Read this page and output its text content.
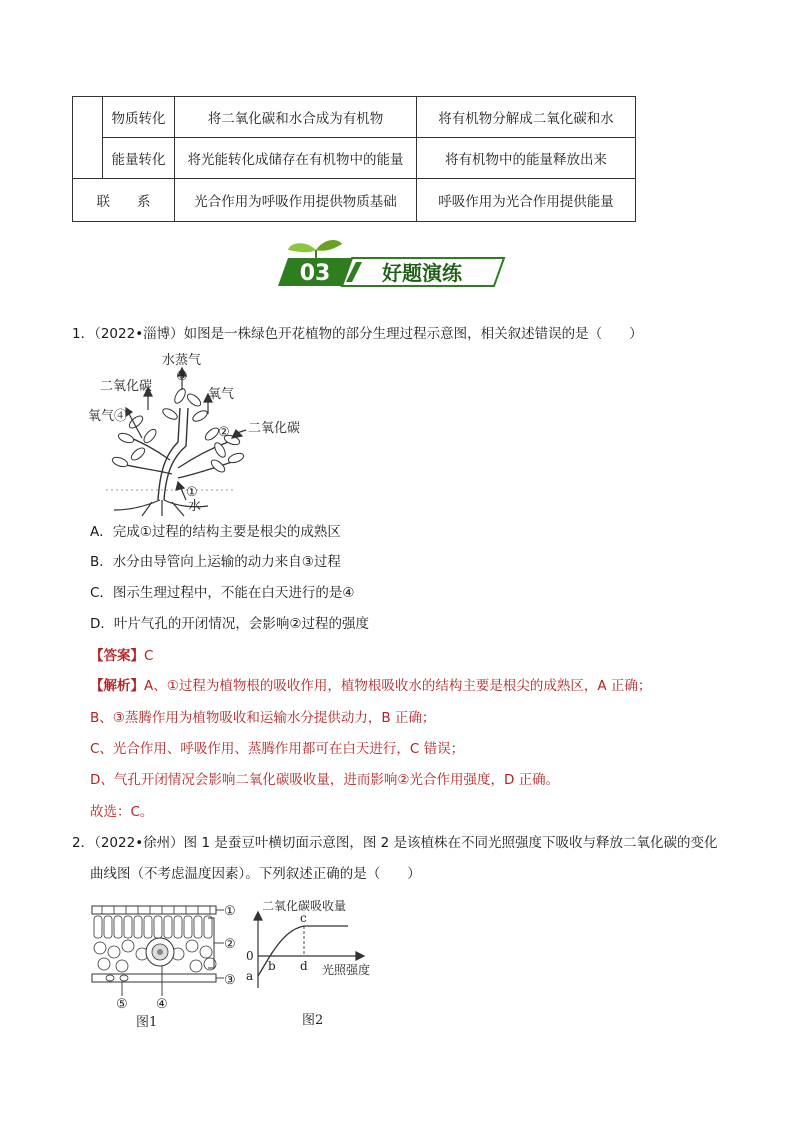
	物质转化	将二氧化碳和水合成为有机物	将有机物分解成二氧化碳和水
	能量转化	将光能转化成储存在有机物中的能量	将有机物中的能量释放出来
联　　系		光合作用为呼吸作用提供物质基础	呼吸作用为光合作用提供能量
03	好题演练
1．（2022•淄博）如图是一株绿色开花植物的部分生理过程示意图，相关叙述错误的是（　　）
水蒸气
③
二氧化碳
氧气
氧气④
② 二氧化碳
①
水
A．完成①过程的结构主要是根尖的成熟区
B．水分由导管向上运输的动力来自③过程
C．图示生理过程中，不能在白天进行的是④
D．叶片气孔的开闭情况，会影响②过程的强度
【答案】C
【解析】A、①过程为植物根的吸收作用，植物根吸收水的结构主要是根尖的成熟区，A 正确；
B、③蒸腾作用为植物吸收和运输水分提供动力，B 正确；
C、光合作用、呼吸作用、蒸腾作用都可在白天进行，C 错误；
D、气孔开闭情况会影响二氧化碳吸收量，进而影响②光合作用强度，D 正确。
故选：C。
2．（2022•徐州）图 1 是蚕豆叶横切面示意图，图 2 是该植株在不同光照强度下吸收与释放二氧化碳的变化
曲线图（不考虑温度因素）。下列叙述正确的是（　　）
①
②
③
⑤ ④
图1
二氧化碳吸收量
光照强度
0
a
b
c
d
图2
